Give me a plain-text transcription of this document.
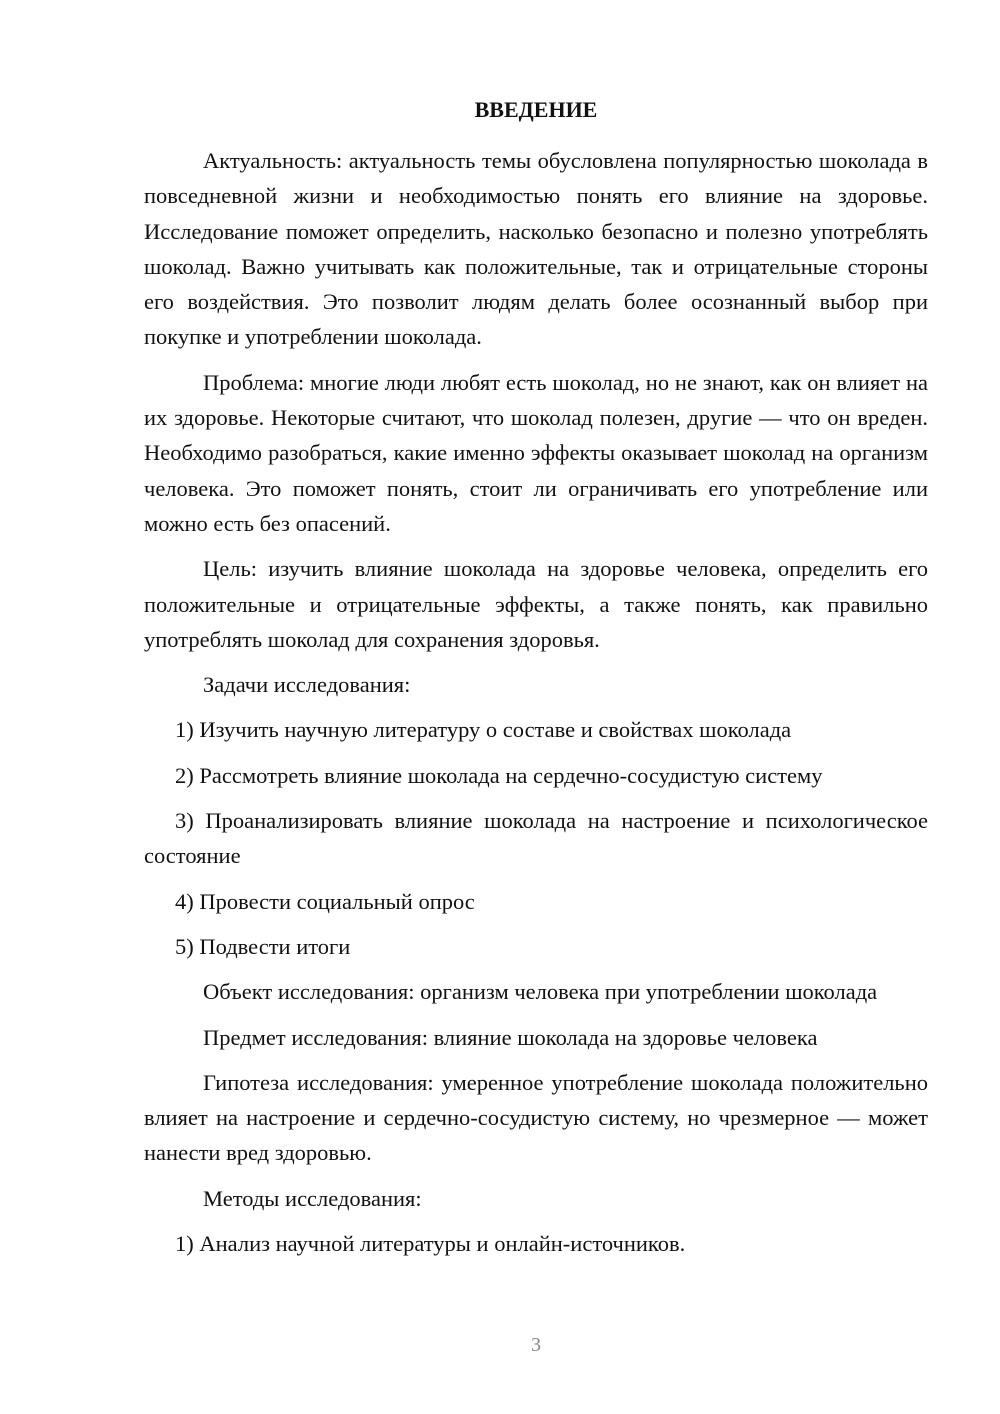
ВВЕДЕНИЕ

Актуальность: актуальность темы обусловлена популярностью шоколада в повседневной жизни и необходимостью понять его влияние на здоровье. Исследование поможет определить, насколько безопасно и полезно употреблять шоколад. Важно учитывать как положительные, так и отрицательные стороны его воздействия. Это позволит людям делать более осознанный выбор при покупке и употреблении шоколада.

Проблема: многие люди любят есть шоколад, но не знают, как он влияет на их здоровье. Некоторые считают, что шоколад полезен, другие — что он вреден. Необходимо разобраться, какие именно эффекты оказывает шоколад на организм человека. Это поможет понять, стоит ли ограничивать его употребление или можно есть без опасений.

Цель: изучить влияние шоколада на здоровье человека, определить его положительные и отрицательные эффекты, а также понять, как правильно употреблять шоколад для сохранения здоровья.

Задачи исследования:

1) Изучить научную литературу о составе и свойствах шоколада

2) Рассмотреть влияние шоколада на сердечно-сосудистую систему

3) Проанализировать влияние шоколада на настроение и психологическое состояние

4) Провести социальный опрос

5) Подвести итоги

Объект исследования: организм человека при употреблении шоколада

Предмет исследования: влияние шоколада на здоровье человека

Гипотеза исследования: умеренное употребление шоколада положительно влияет на настроение и сердечно-сосудистую систему, но чрезмерное — может нанести вред здоровью.

Методы исследования:

1) Анализ научной литературы и онлайн-источников.

3
